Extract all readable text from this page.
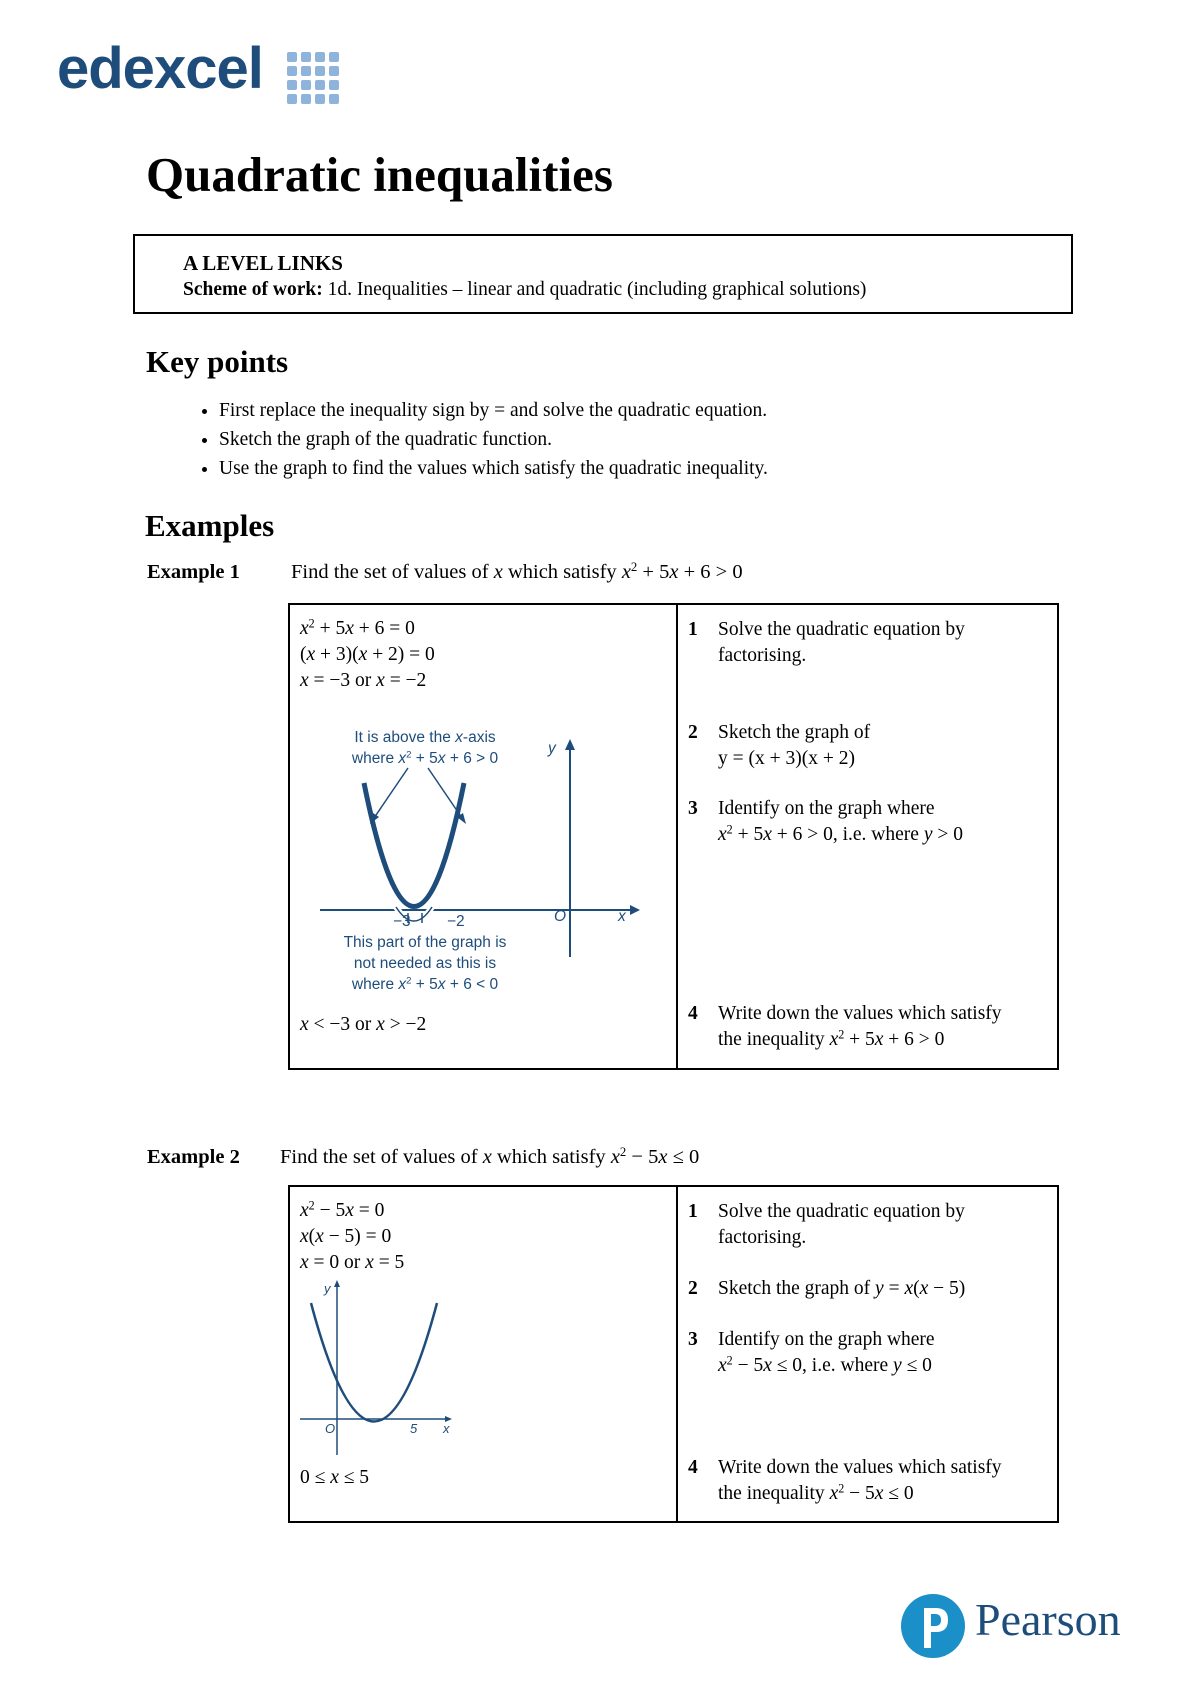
edexcel
Quadratic inequalities
A LEVEL LINKS
Scheme of work: 1d. Inequalities – linear and quadratic (including graphical solutions)
Key points
• First replace the inequality sign by = and solve the quadratic equation.
• Sketch the graph of the quadratic function.
• Use the graph to find the values which satisfy the quadratic inequality.
Examples
Example 1 Find the set of values of x which satisfy $x^2 + 5x + 6 > 0$
$x^2 + 5x + 6 = 0$
(x + 3)(x + 2) = 0
x = −3 or x = −2
It is above the x-axis
where $x^2 + 5x + 6 > 0$
y
x
O
−3 −2
This part of the graph is
not needed as this is
where $x^2 + 5x + 6 < 0$
x < −3 or x > −2
1 Solve the quadratic equation by factorising.
2 Sketch the graph of
y = (x + 3)(x + 2)
3 Identify on the graph where
$x^2 + 5x + 6 > 0$, i.e. where y > 0
4 Write down the values which satisfy
the inequality $x^2 + 5x + 6 > 0$
Example 2 Find the set of values of x which satisfy $x^2 - 5x \le 0$
$x^2 - 5x = 0$
x(x − 5) = 0
x = 0 or x = 5
y
O	5 x
0 ≤ x ≤ 5
1 Solve the quadratic equation by factorising.
2 Sketch the graph of y = x(x − 5)
3 Identify on the graph where
$x^2 - 5x \le 0$, i.e. where y ≤ 0
4 Write down the values which satisfy
the inequality $x^2 - 5x \le 0$
Pearson
